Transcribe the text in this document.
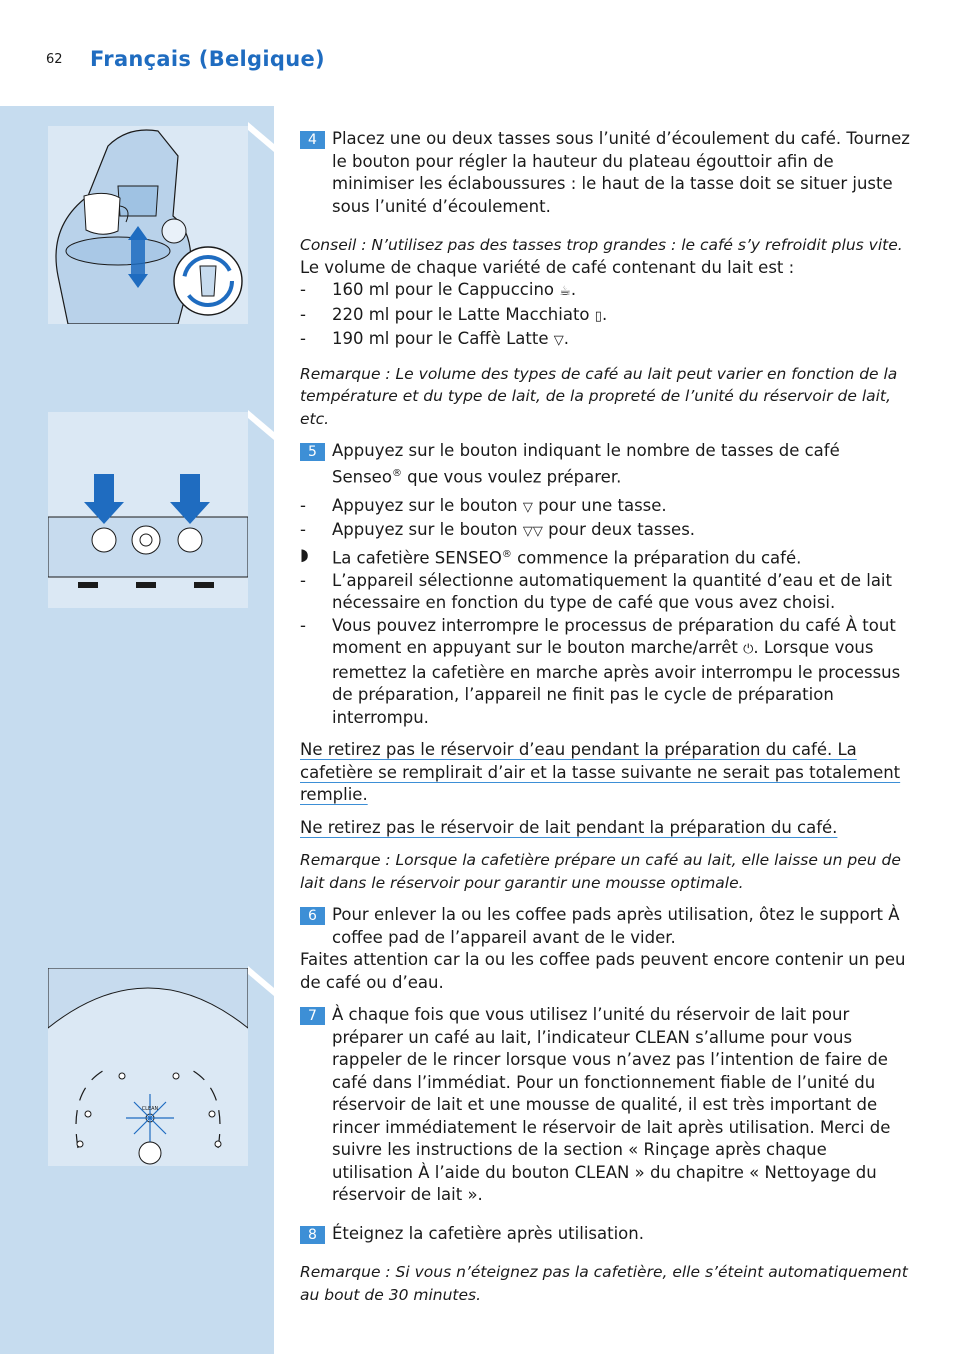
62 Français (Belgique)
CLEAN
4 Placez une ou deux tasses sous l’unité d’écoulement du café. Tournez le bouton pour régler la hauteur du plateau égouttoir afin de minimiser les éclaboussures : le haut de la tasse doit se situer juste sous l’unité d’écoulement.
Conseil : N’utilisez pas des tasses trop grandes : le café s’y refroidit plus vite.
Le volume de chaque variété de café contenant du lait est :
- 160 ml pour le Cappuccino ☕.
- 220 ml pour le Latte Macchiato ▯.
- 190 ml pour le Caffè Latte ▽.
Remarque : Le volume des types de café au lait peut varier en fonction de la température et du type de lait, de la propreté de l’unité du réservoir de lait, etc.
5 Appuyez sur le bouton indiquant le nombre de tasses de café Senseo® que vous voulez préparer.
- Appuyez sur le bouton ▽ pour une tasse.
- Appuyez sur le bouton ▽▽ pour deux tasses.
◗ La cafetière SENSEO® commence la préparation du café.
- L’appareil sélectionne automatiquement la quantité d’eau et de lait nécessaire en fonction du type de café que vous avez choisi.
- Vous pouvez interrompre le processus de préparation du café À tout moment en appuyant sur le bouton marche/arrêt ⏻. Lorsque vous remettez la cafetière en marche après avoir interrompu le processus de préparation, l’appareil ne finit pas le cycle de préparation interrompu.
Ne retirez pas le réservoir d’eau pendant la préparation du café. La cafetière se remplirait d’air et la tasse suivante ne serait pas totalement remplie.
Ne retirez pas le réservoir de lait pendant la préparation du café.
Remarque : Lorsque la cafetière prépare un café au lait, elle laisse un peu de lait dans le réservoir pour garantir une mousse optimale.
6 Pour enlever la ou les coffee pads après utilisation, ôtez le support À coffee pad de l’appareil avant de le vider.
Faites attention car la ou les coffee pads peuvent encore contenir un peu de café ou d’eau.
7 À chaque fois que vous utilisez l’unité du réservoir de lait pour préparer un café au lait, l’indicateur CLEAN s’allume pour vous rappeler de le rincer lorsque vous n’avez pas l’intention de faire de café dans l’immédiat. Pour un fonctionnement fiable de l’unité du réservoir de lait et une mousse de qualité, il est très important de rincer immédiatement le réservoir de lait après utilisation. Merci de suivre les instructions de la section « Rinçage après chaque utilisation À l’aide du bouton CLEAN » du chapitre « Nettoyage du réservoir de lait ».
8 Éteignez la cafetière après utilisation.
Remarque : Si vous n’éteignez pas la cafetière, elle s’éteint automatiquement au bout de 30 minutes.
